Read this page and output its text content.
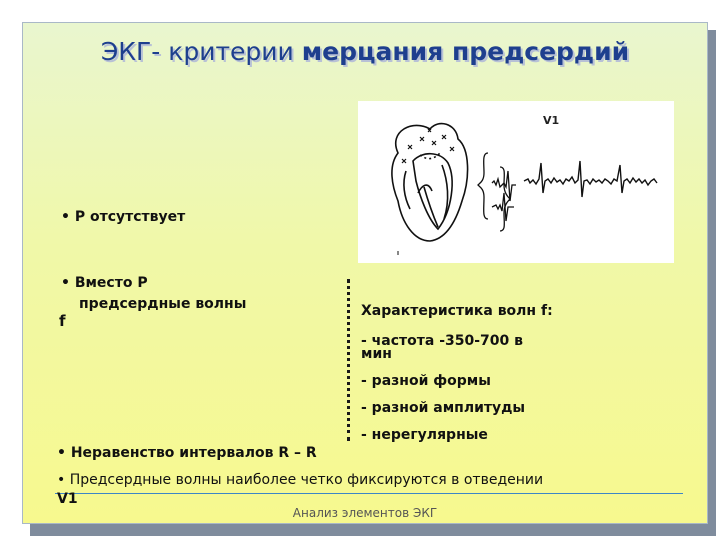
ЭКГ- критерии мерцания предсердий
V1
• Р отсутствует
• Вместо Р
предсердные волны
f
Характеристика волн f:
- частота -350-700 в
мин
- разной формы
- разной амплитуды
- нерегулярные
• Неравенство интервалов R – R
• Предсердные волны наиболее четко фиксируются в отведении
V1
Анализ элементов ЭКГ
